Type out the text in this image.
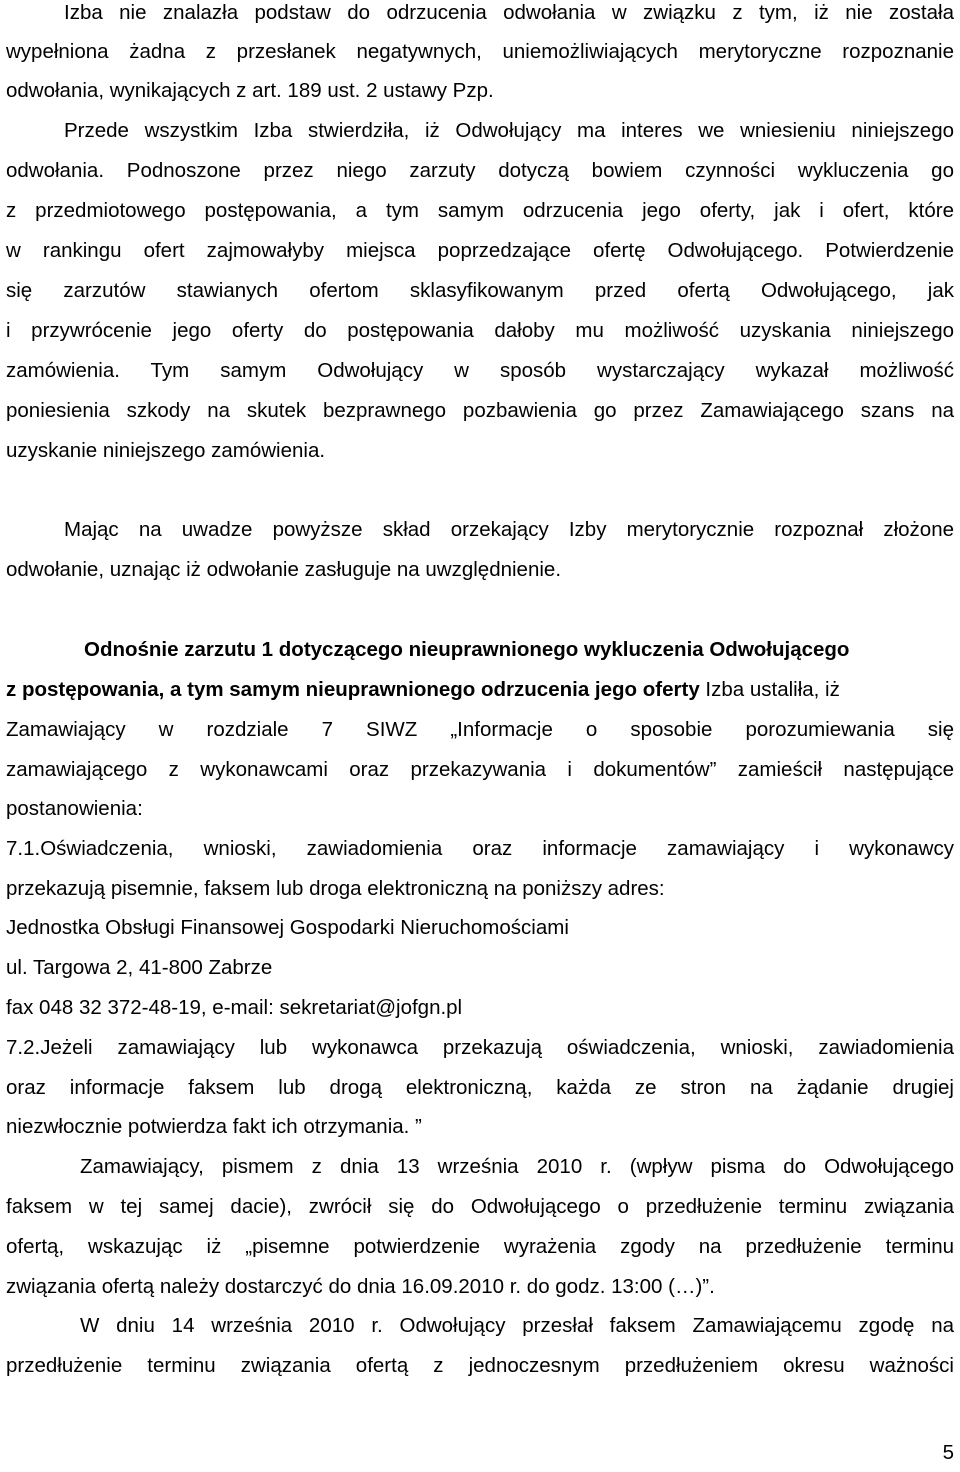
Izba nie znalazła podstaw do odrzucenia odwołania w związku z tym, iż nie została
wypełniona żadna z przesłanek negatywnych, uniemożliwiających merytoryczne rozpoznanie
odwołania, wynikających z art. 189 ust. 2 ustawy Pzp.
Przede wszystkim Izba stwierdziła, iż Odwołujący ma interes we wniesieniu niniejszego
odwołania. Podnoszone przez niego zarzuty dotyczą bowiem czynności wykluczenia go
z przedmiotowego postępowania, a tym samym odrzucenia jego oferty, jak i ofert, które
w rankingu ofert zajmowałyby miejsca poprzedzające ofertę Odwołującego. Potwierdzenie
się zarzutów stawianych ofertom sklasyfikowanym przed ofertą Odwołującego, jak
i przywrócenie jego oferty do postępowania dałoby mu możliwość uzyskania niniejszego
zamówienia. Tym samym Odwołujący w sposób wystarczający wykazał możliwość
poniesienia szkody na skutek bezprawnego pozbawienia go przez Zamawiającego szans na
uzyskanie niniejszego zamówienia.
Mając na uwadze powyższe skład orzekający Izby merytorycznie rozpoznał złożone
odwołanie, uznając iż odwołanie zasługuje na uwzględnienie.
Odnośnie zarzutu 1 dotyczącego nieuprawnionego wykluczenia Odwołującego
z postępowania, a tym samym nieuprawnionego odrzucenia jego oferty Izba ustaliła, iż
Zamawiający w rozdziale 7 SIWZ „Informacje o sposobie porozumiewania się
zamawiającego z wykonawcami oraz przekazywania i dokumentów” zamieścił następujące
postanowienia:
7.1.Oświadczenia, wnioski, zawiadomienia oraz informacje zamawiający i wykonawcy
przekazują pisemnie, faksem lub droga elektroniczną na poniższy adres:
Jednostka Obsługi Finansowej Gospodarki Nieruchomościami
ul. Targowa 2, 41-800 Zabrze
fax 048 32 372-48-19, e-mail: sekretariat@jofgn.pl
7.2.Jeżeli zamawiający lub wykonawca przekazują oświadczenia, wnioski, zawiadomienia
oraz informacje faksem lub drogą elektroniczną, każda ze stron na żądanie drugiej
niezwłocznie potwierdza fakt ich otrzymania. ”
Zamawiający, pismem z dnia 13 września 2010 r. (wpływ pisma do Odwołującego
faksem w tej samej dacie), zwrócił się do Odwołującego o przedłużenie terminu związania
ofertą, wskazując iż „pisemne potwierdzenie wyrażenia zgody na przedłużenie terminu
związania ofertą należy dostarczyć do dnia 16.09.2010 r. do godz. 13:00 (…)”.
W dniu 14 września 2010 r. Odwołujący przesłał faksem Zamawiającemu zgodę na
przedłużenie terminu związania ofertą z jednoczesnym przedłużeniem okresu ważności
5
